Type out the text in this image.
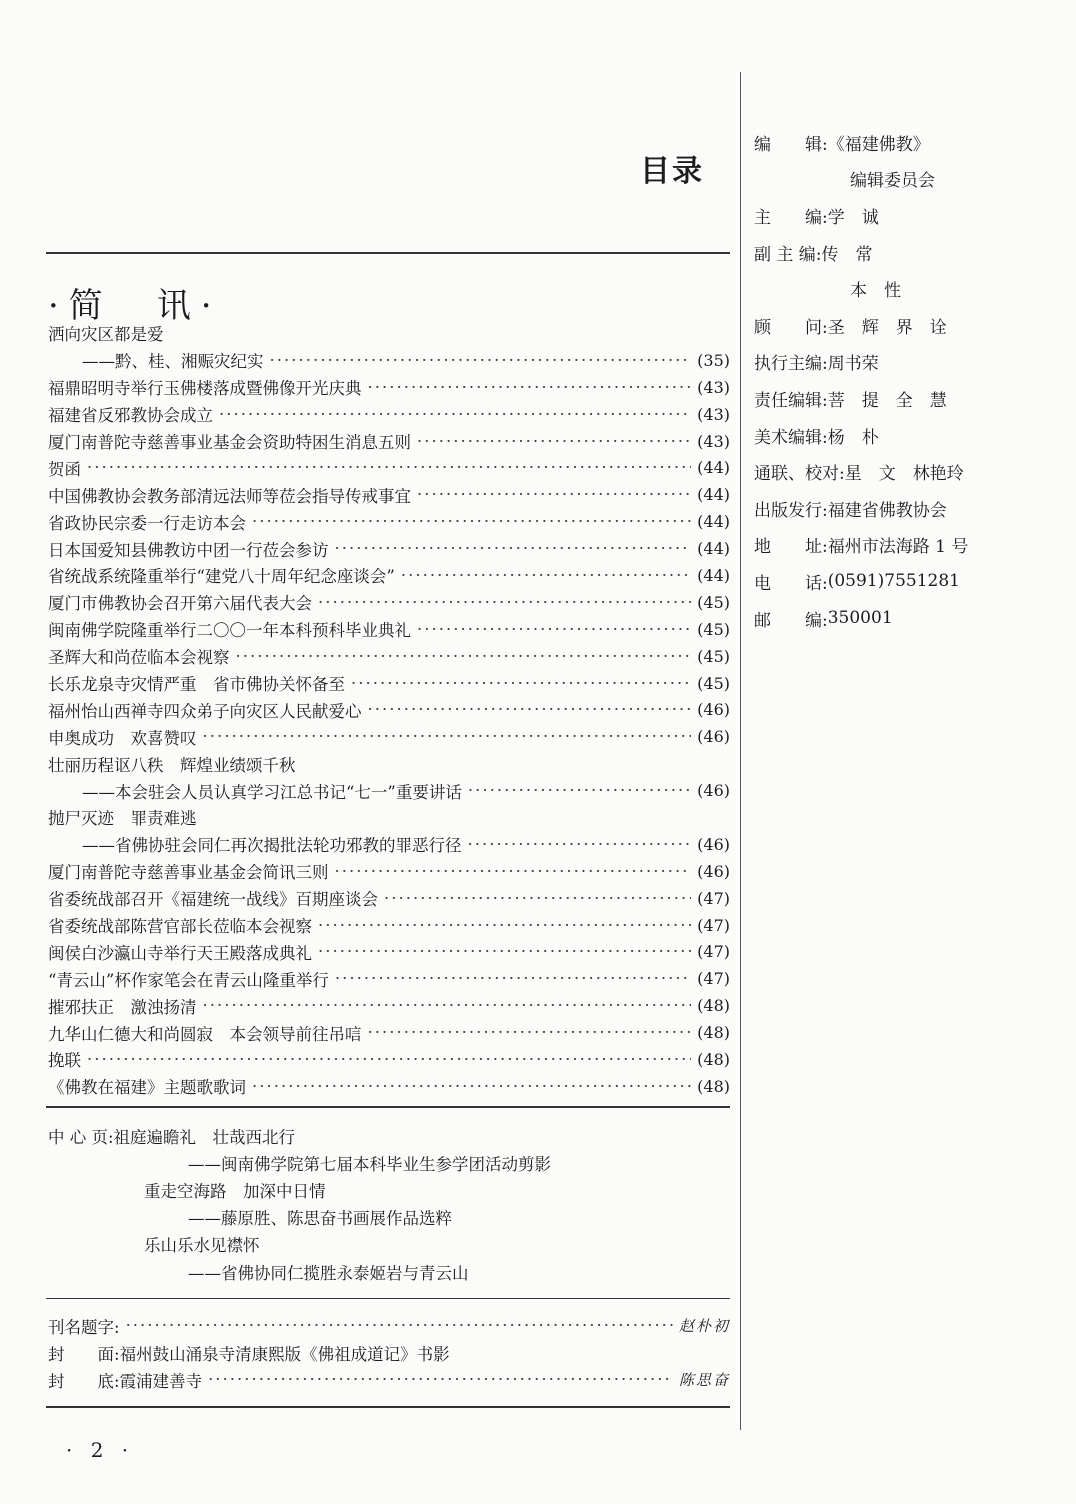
目录
·简　讯·
洒向灾区都是爱
——黔、桂、湘赈灾纪实 ·····	(35)
福鼎昭明寺举行玉佛楼落成暨佛像开光庆典 ·····	(43)
福建省反邪教协会成立 ·····	(43)
厦门南普陀寺慈善事业基金会资助特困生消息五则 ·····	(43)
贺函 ·····	(44)
中国佛教协会教务部清远法师等莅会指导传戒事宜 ·····	(44)
省政协民宗委一行走访本会 ·····	(44)
日本国爱知县佛教访中团一行莅会参访 ·····	(44)
省统战系统隆重举行“建党八十周年纪念座谈会” ·····	(44)
厦门市佛教协会召开第六届代表大会 ·····	(45)
闽南佛学院隆重举行二〇〇一年本科预科毕业典礼 ·····	(45)
圣辉大和尚莅临本会视察 ·····	(45)
长乐龙泉寺灾情严重　省市佛协关怀备至 ·····	(45)
福州怡山西禅寺四众弟子向灾区人民献爱心 ·····	(46)
申奥成功　欢喜赞叹 ·····	(46)
壮丽历程讴八秩　辉煌业绩颂千秋
——本会驻会人员认真学习江总书记“七一”重要讲话 ·····	(46)
抛尸灭迹　罪责难逃
——省佛协驻会同仁再次揭批法轮功邪教的罪恶行径 ·····	(46)
厦门南普陀寺慈善事业基金会简讯三则 ·····	(46)
省委统战部召开《福建统一战线》百期座谈会 ·····	(47)
省委统战部陈营官部长莅临本会视察 ·····	(47)
闽侯白沙瀛山寺举行天王殿落成典礼 ·····	(47)
“青云山”杯作家笔会在青云山隆重举行 ·····	(47)
摧邪扶正　激浊扬清 ·····	(48)
九华山仁德大和尚圆寂　本会领导前往吊唁 ·····	(48)
挽联 ·····	(48)
《佛教在福建》主题歌歌词 ·····	(48)
中 心 页:祖庭遍瞻礼　壮哉西北行
——闽南佛学院第七届本科毕业生参学团活动剪影
重走空海路　加深中日情
——藤原胜、陈思奋书画展作品选粹
乐山乐水见襟怀
——省佛协同仁揽胜永泰姬岩与青云山
刊名题字: ·····	赵朴初
封　　面: 福州鼓山涌泉寺清康熙版《佛祖成道记》书影
封　　底: 霞浦建善寺 ·····	陈思奋
编　　辑: 《福建佛教》
编辑委员会
主　　编: 学　诚
副 主 编: 传　常
本　性
顾　　问: 圣　辉　界　诠
执行主编: 周书荣
责任编辑: 菩　提　全　慧
美术编辑: 杨　朴
通联、校对: 星　文　林艳玲
出版发行: 福建省佛教协会
地　　址: 福州市法海路 1 号
电　　话: (0591)7551281
邮　　编: 350001
· 2 ·
